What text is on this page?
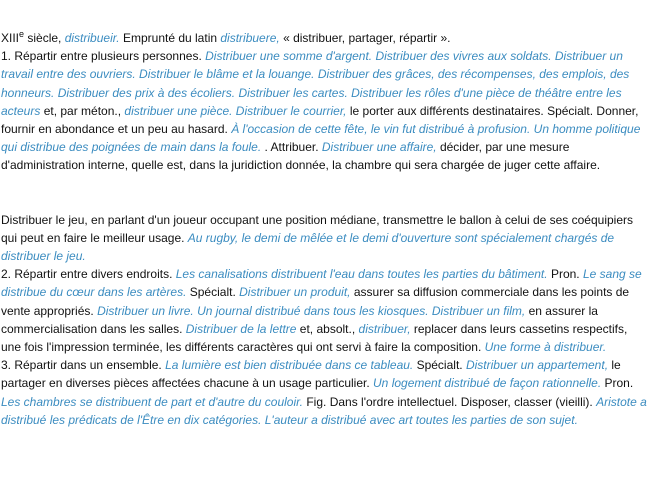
XIIIe siècle, distribueir. Emprunté du latin distribuere, « distribuer, partager, répartir ».

1. Répartir entre plusieurs personnes. Distribuer une somme d'argent. Distribuer des vivres aux soldats. Distribuer un travail entre des ouvriers. Distribuer le blâme et la louange. Distribuer des grâces, des récompenses, des emplois, des honneurs. Distribuer des prix à des écoliers. Distribuer les cartes. Distribuer les rôles d'une pièce de théâtre entre les acteurs et, par méton., distribuer une pièce. Distribuer le courrier, le porter aux différents destinataires. Spécialt. Donner, fournir en abondance et un peu au hasard. À l'occasion de cette fête, le vin fut distribué à profusion. Un homme politique qui distribue des poignées de main dans la foule. . Attribuer. Distribuer une affaire, décider, par une mesure d'administration interne, quelle est, dans la juridiction donnée, la chambre qui sera chargée de juger cette affaire.

Distribuer le jeu, en parlant d'un joueur occupant une position médiane, transmettre le ballon à celui de ses coéquipiers qui peut en faire le meilleur usage. Au rugby, le demi de mêlée et le demi d'ouverture sont spécialement chargés de distribuer le jeu.

2. Répartir entre divers endroits. Les canalisations distribuent l'eau dans toutes les parties du bâtiment. Pron. Le sang se distribue du cœur dans les artères. Spécialt. Distribuer un produit, assurer sa diffusion commerciale dans les points de vente appropriés. Distribuer un livre. Un journal distribué dans tous les kiosques. Distribuer un film, en assurer la commercialisation dans les salles. Distribuer de la lettre et, absolt., distribuer, replacer dans leurs cassetins respectifs, une fois l'impression terminée, les différents caractères qui ont servi à faire la composition. Une forme à distribuer.

3. Répartir dans un ensemble. La lumière est bien distribuée dans ce tableau. Spécialt. Distribuer un appartement, le partager en diverses pièces affectées chacune à un usage particulier. Un logement distribué de façon rationnelle. Pron. Les chambres se distribuent de part et d'autre du couloir. Fig. Dans l'ordre intellectuel. Disposer, classer (vieilli). Aristote a distribué les prédicats de l'Être en dix catégories. L'auteur a distribué avec art toutes les parties de son sujet.
